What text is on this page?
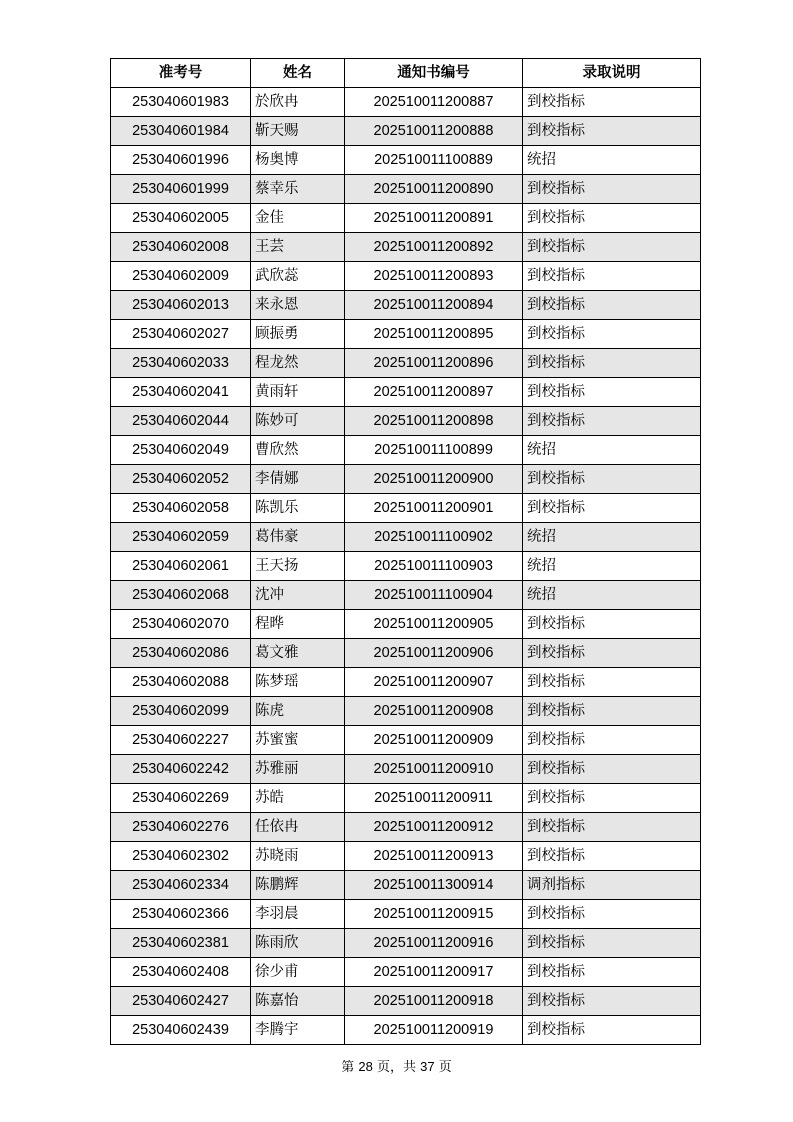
准考号	姓名	通知书编号	录取说明
253040601983	於欣冉	202510011200887	到校指标
253040601984	靳天赐	202510011200888	到校指标
253040601996	杨奥博	202510011100889	统招
253040601999	蔡幸乐	202510011200890	到校指标
253040602005	金佳	202510011200891	到校指标
253040602008	王芸	202510011200892	到校指标
253040602009	武欣蕊	202510011200893	到校指标
253040602013	来永恩	202510011200894	到校指标
253040602027	顾振勇	202510011200895	到校指标
253040602033	程龙然	202510011200896	到校指标
253040602041	黄雨轩	202510011200897	到校指标
253040602044	陈妙可	202510011200898	到校指标
253040602049	曹欣然	202510011100899	统招
253040602052	李倩娜	202510011200900	到校指标
253040602058	陈凯乐	202510011200901	到校指标
253040602059	葛伟豪	202510011100902	统招
253040602061	王天扬	202510011100903	统招
253040602068	沈冲	202510011100904	统招
253040602070	程晔	202510011200905	到校指标
253040602086	葛文雅	202510011200906	到校指标
253040602088	陈梦瑶	202510011200907	到校指标
253040602099	陈虎	202510011200908	到校指标
253040602227	苏蜜蜜	202510011200909	到校指标
253040602242	苏雅丽	202510011200910	到校指标
253040602269	苏皓	202510011200911	到校指标
253040602276	任依冉	202510011200912	到校指标
253040602302	苏晓雨	202510011200913	到校指标
253040602334	陈鹏辉	202510011300914	调剂指标
253040602366	李羽晨	202510011200915	到校指标
253040602381	陈雨欣	202510011200916	到校指标
253040602408	徐少甫	202510011200917	到校指标
253040602427	陈嘉怡	202510011200918	到校指标
253040602439	李腾宇	202510011200919	到校指标
第 28 页，共 37 页
